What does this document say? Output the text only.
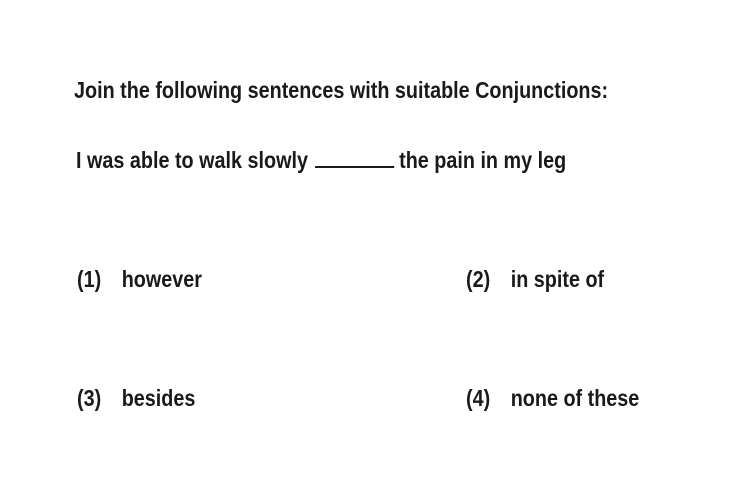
Join the following sentences with suitable Conjunctions:
I was able to walk slowly	the pain in my leg
(1) however	(2) in spite of
(3) besides	(4) none of these
